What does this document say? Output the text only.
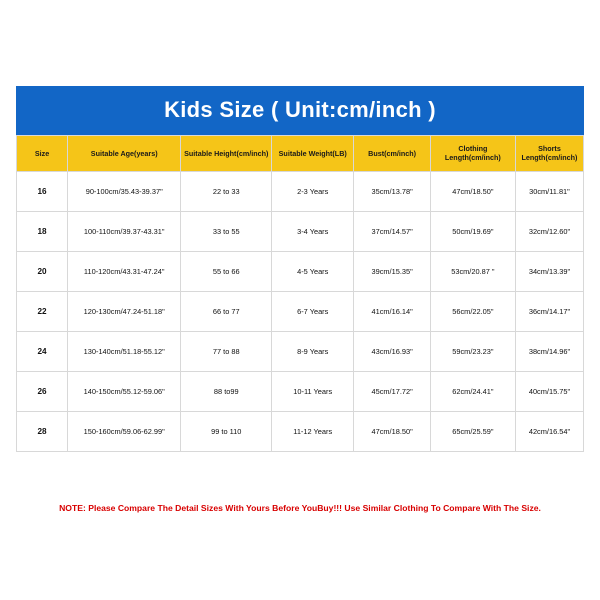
Kids Size ( Unit:cm/inch )
Size	Suitable Age(years)	Suitable Height(cm/inch)	Suitable Weight(LB)	Bust(cm/inch)	Clothing Length(cm/inch)	Shorts Length(cm/inch)
16	90-100cm/35.43-39.37"	22 to 33	2-3 Years	35cm/13.78"	47cm/18.50"	30cm/11.81"
18	100-110cm/39.37-43.31"	33 to 55	3-4 Years	37cm/14.57"	50cm/19.69"	32cm/12.60"
20	110-120cm/43.31-47.24"	55 to 66	4-5 Years	39cm/15.35"	53cm/20.87 "	34cm/13.39"
22	120-130cm/47.24-51.18"	66 to 77	6-7 Years	41cm/16.14"	56cm/22.05"	36cm/14.17"
24	130-140cm/51.18-55.12"	77 to 88	8-9 Years	43cm/16.93"	59cm/23.23"	38cm/14.96"
26	140-150cm/55.12-59.06"	88 to99	10-11 Years	45cm/17.72"	62cm/24.41"	40cm/15.75"
28	150-160cm/59.06-62.99"	99 to 110	11-12 Years	47cm/18.50"	65cm/25.59"	42cm/16.54"
NOTE: Please Compare The Detail Sizes With Yours Before YouBuy!!! Use Similar Clothing To Compare With The Size.
